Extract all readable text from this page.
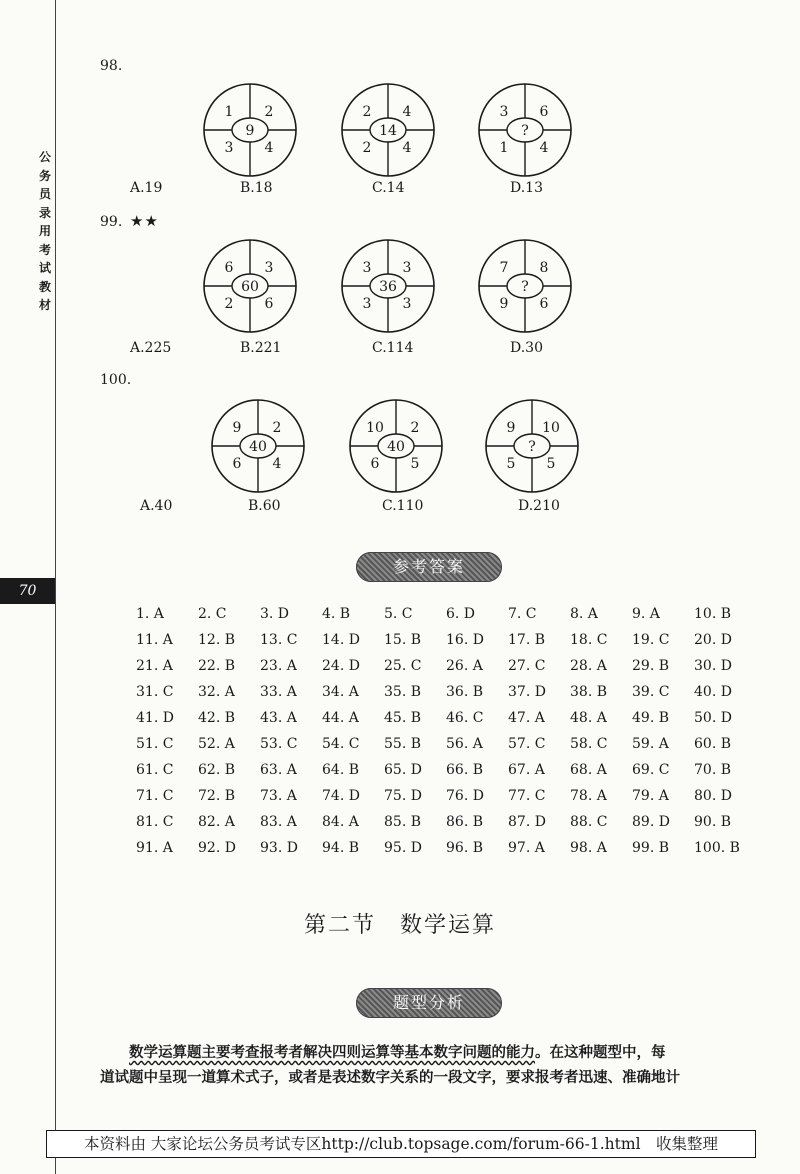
公
务
员
录
用
考
试
教
材
70
98.
1 2
3 4
9
2 4
2 4
14
3 6
1 4
?
A.19	B.18	C.14	D.13
99. ★★
6 3
2 6
60
3 3
3 3
36
7 8
9 6
?
A.225	B.221	C.114	D.30
100.
9 2
6 4
40
10 2
6 5
40
9 10
5 5
?
A.40	B.60	C.110	D.210
参考答案
1. A	2. C	3. D	4. B	5. C	6. D	7. C	8. A	9. A	10. B
11. A	12. B	13. C	14. D	15. B	16. D	17. B	18. C	19. C	20. D
21. A	22. B	23. A	24. D	25. C	26. A	27. C	28. A	29. B	30. D
31. C	32. A	33. A	34. A	35. B	36. B	37. D	38. B	39. C	40. D
41. D	42. B	43. A	44. A	45. B	46. C	47. A	48. A	49. B	50. D
51. C	52. A	53. C	54. C	55. B	56. A	57. C	58. C	59. A	60. B
61. C	62. B	63. A	64. B	65. D	66. B	67. A	68. A	69. C	70. B
71. C	72. B	73. A	74. D	75. D	76. D	77. C	78. A	79. A	80. D
81. C	82. A	83. A	84. A	85. B	86. B	87. D	88. C	89. D	90. B
91. A	92. D	93. D	94. B	95. D	96. B	97. A	98. A	99. B	100. B
第二节　数学运算
题型分析

数学运算题主要考查报考者解决四则运算等基本数字问题的能力。在这种题型中，每

道试题中呈现一道算术式子，或者是表述数字关系的一段文字，要求报考者迅速、准确地计

本资料由 大家论坛公务员考试专区http://club.topsage.com/forum-66-1.html　收集整理
